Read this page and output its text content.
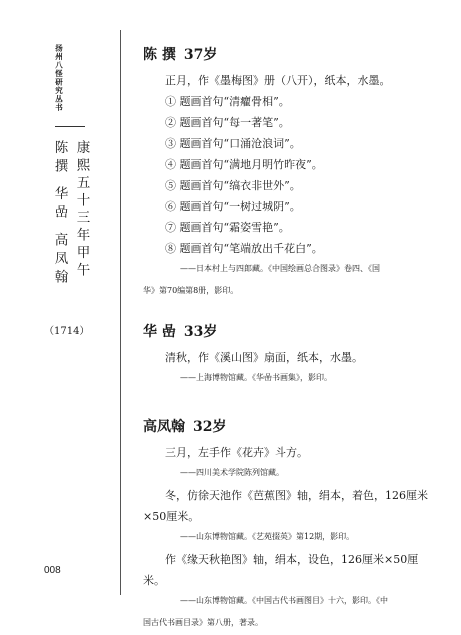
扬州八怪研究丛书
陈撰 华嵒 高凤翰 康熙五十三年甲午
（1714）
008
陈 撰 37岁

正月，作《墨梅图》册（八开），纸本，水墨。

① 题画首句“清癯骨相”。

② 题画首句“每一著笔”。

③ 题画首句“口涌沧浪词”。

④ 题画首句“满地月明竹昨夜”。

⑤ 题画首句“缟衣非世外”。

⑥ 题画首句“一树过城阴”。

⑦ 题画首句“霜姿雪艳”。

⑧ 题画首句“笔端放出千花白”。

——日本村上与四郎藏。《中国绘画总合图录》卷四、《国

华》第70编第8册，影印。

华 嵒 33岁

清秋，作《溪山图》扇面，纸本，水墨。

——上海博物馆藏。《华嵒书画集》，影印。

高凤翰 32岁

三月，左手作《花卉》斗方。

——四川美术学院陈列馆藏。

冬，仿徐天池作《芭蕉图》轴，绢本，着色，126厘米×50厘米。

——山东博物馆藏。《艺苑掇英》第12期，影印。

作《缘天秋艳图》轴，绢本，设色，126厘米×50厘米。

——山东博物馆藏。《中国古代书画图目》十六，影印。《中

国古代书画目录》第八册，著录。
